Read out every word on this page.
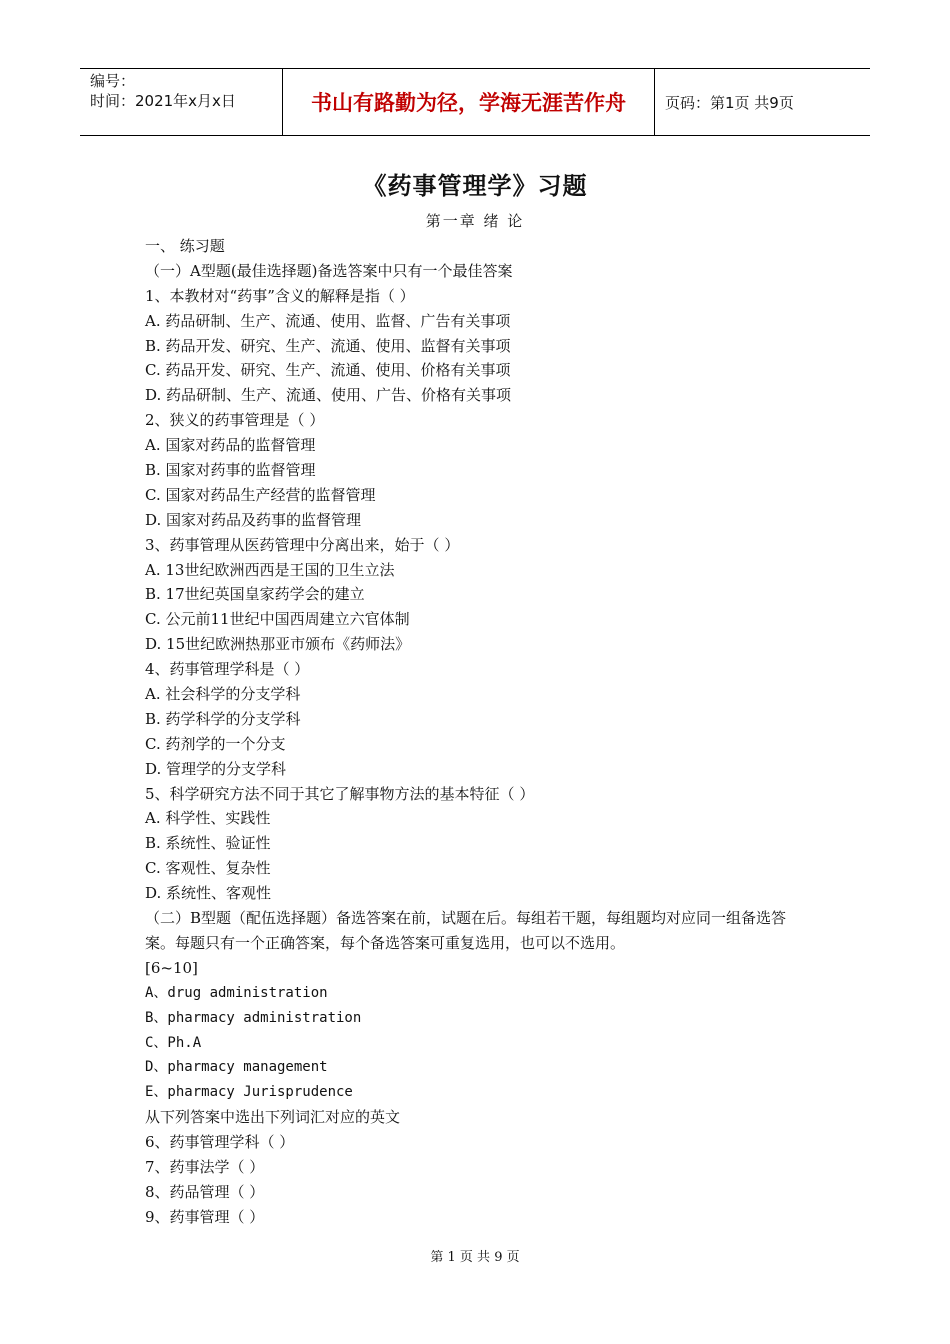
编号：
时间：2021年x月x日	书山有路勤为径，学海无涯苦作舟	页码：第1页 共9页
《药事管理学》习题
第一章 绪 论
一、 练习题
（一）A型题(最佳选择题)备选答案中只有一个最佳答案
1、本教材对“药事”含义的解释是指（ ）
A. 药品研制、生产、流通、使用、监督、广告有关事项
B. 药品开发、研究、生产、流通、使用、监督有关事项
C. 药品开发、研究、生产、流通、使用、价格有关事项
D. 药品研制、生产、流通、使用、广告、价格有关事项
2、狭义的药事管理是（ ）
A. 国家对药品的监督管理
B. 国家对药事的监督管理
C. 国家对药品生产经营的监督管理
D. 国家对药品及药事的监督管理
3、药事管理从医药管理中分离出来，始于（ ）
A. 13世纪欧洲西西是王国的卫生立法
B. 17世纪英国皇家药学会的建立
C. 公元前11世纪中国西周建立六官体制
D. 15世纪欧洲热那亚市颁布《药师法》
4、药事管理学科是（ ）
A. 社会科学的分支学科
B. 药学科学的分支学科
C. 药剂学的一个分支
D. 管理学的分支学科
5、科学研究方法不同于其它了解事物方法的基本特征（ ）
A. 科学性、实践性
B. 系统性、验证性
C. 客观性、复杂性
D. 系统性、客观性
（二）B型题（配伍选择题）备选答案在前，试题在后。每组若干题，每组题均对应同一组备选答案。每题只有一个正确答案，每个备选答案可重复选用，也可以不选用。
[6~10]
A、drug administration
B、pharmacy administration
C、Ph.A
D、pharmacy management
E、pharmacy Jurisprudence
从下列答案中选出下列词汇对应的英文
6、药事管理学科（ ）
7、药事法学（ ）
8、药品管理（ ）
9、药事管理（ ）
第 1 页 共 9 页
